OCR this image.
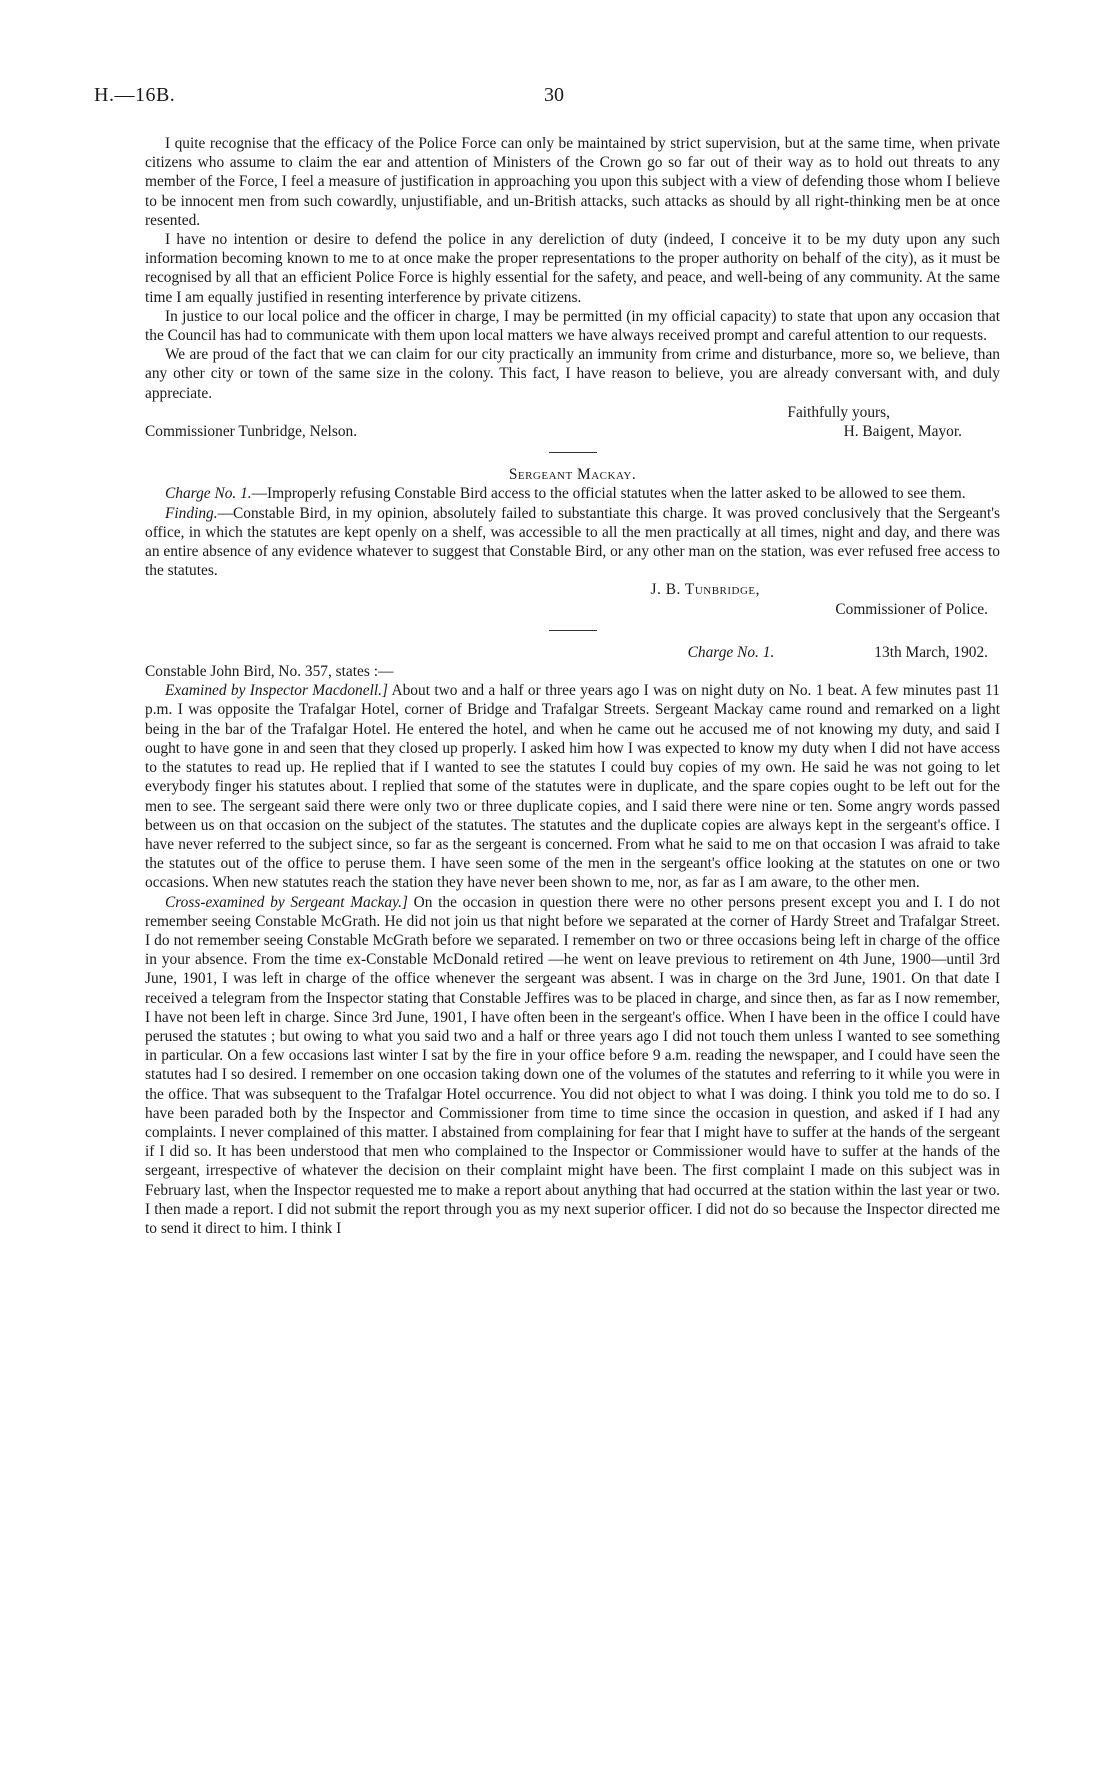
H.—16B.	30

I quite recognise that the efficacy of the Police Force can only be maintained by strict supervision, but at the same time, when private citizens who assume to claim the ear and attention of Ministers of the Crown go so far out of their way as to hold out threats to any member of the Force, I feel a measure of justification in approaching you upon this subject with a view of defending those whom I believe to be innocent men from such cowardly, unjustifiable, and un-British attacks, such attacks as should by all right-thinking men be at once resented.

I have no intention or desire to defend the police in any dereliction of duty (indeed, I conceive it to be my duty upon any such information becoming known to me to at once make the proper representations to the proper authority on behalf of the city), as it must be recognised by all that an efficient Police Force is highly essential for the safety, and peace, and well-being of any community. At the same time I am equally justified in resenting interference by private citizens.

In justice to our local police and the officer in charge, I may be permitted (in my official capacity) to state that upon any occasion that the Council has had to communicate with them upon local matters we have always received prompt and careful attention to our requests.

We are proud of the fact that we can claim for our city practically an immunity from crime and disturbance, more so, we believe, than any other city or town of the same size in the colony. This fact, I have reason to believe, you are already conversant with, and duly appreciate.

Faithfully yours,
Commissioner Tunbridge, Nelson.	H. Baigent, Mayor.
Sergeant Mackay.

Charge No. 1.—Improperly refusing Constable Bird access to the official statutes when the latter asked to be allowed to see them.

Finding.—Constable Bird, in my opinion, absolutely failed to substantiate this charge. It was proved conclusively that the Sergeant's office, in which the statutes are kept openly on a shelf, was accessible to all the men practically at all times, night and day, and there was an entire absence of any evidence whatever to suggest that Constable Bird, or any other man on the station, was ever refused free access to the statutes.

J. B. Tunbridge,
Commissioner of Police.
Charge No. 1.	13th March, 1902.
Constable John Bird, No. 357, states :—

Examined by Inspector Macdonell.] About two and a half or three years ago I was on night duty on No. 1 beat. A few minutes past 11 p.m. I was opposite the Trafalgar Hotel, corner of Bridge and Trafalgar Streets. Sergeant Mackay came round and remarked on a light being in the bar of the Trafalgar Hotel. He entered the hotel, and when he came out he accused me of not knowing my duty, and said I ought to have gone in and seen that they closed up properly. I asked him how I was expected to know my duty when I did not have access to the statutes to read up. He replied that if I wanted to see the statutes I could buy copies of my own. He said he was not going to let everybody finger his statutes about. I replied that some of the statutes were in duplicate, and the spare copies ought to be left out for the men to see. The sergeant said there were only two or three duplicate copies, and I said there were nine or ten. Some angry words passed between us on that occasion on the subject of the statutes. The statutes and the duplicate copies are always kept in the sergeant's office. I have never referred to the subject since, so far as the sergeant is concerned. From what he said to me on that occasion I was afraid to take the statutes out of the office to peruse them. I have seen some of the men in the sergeant's office looking at the statutes on one or two occasions. When new statutes reach the station they have never been shown to me, nor, as far as I am aware, to the other men.

Cross-examined by Sergeant Mackay.] On the occasion in question there were no other persons present except you and I. I do not remember seeing Constable McGrath. He did not join us that night before we separated at the corner of Hardy Street and Trafalgar Street. I do not remember seeing Constable McGrath before we separated. I remember on two or three occasions being left in charge of the office in your absence. From the time ex-Constable McDonald retired —he went on leave previous to retirement on 4th June, 1900—until 3rd June, 1901, I was left in charge of the office whenever the sergeant was absent. I was in charge on the 3rd June, 1901. On that date I received a telegram from the Inspector stating that Constable Jeffires was to be placed in charge, and since then, as far as I now remember, I have not been left in charge. Since 3rd June, 1901, I have often been in the sergeant's office. When I have been in the office I could have perused the statutes ; but owing to what you said two and a half or three years ago I did not touch them unless I wanted to see something in particular. On a few occasions last winter I sat by the fire in your office before 9 a.m. reading the newspaper, and I could have seen the statutes had I so desired. I remember on one occasion taking down one of the volumes of the statutes and referring to it while you were in the office. That was subsequent to the Trafalgar Hotel occurrence. You did not object to what I was doing. I think you told me to do so. I have been paraded both by the Inspector and Commissioner from time to time since the occasion in question, and asked if I had any complaints. I never complained of this matter. I abstained from complaining for fear that I might have to suffer at the hands of the sergeant if I did so. It has been understood that men who complained to the Inspector or Commissioner would have to suffer at the hands of the sergeant, irrespective of whatever the decision on their complaint might have been. The first complaint I made on this subject was in February last, when the Inspector requested me to make a report about anything that had occurred at the station within the last year or two. I then made a report. I did not submit the report through you as my next superior officer. I did not do so because the Inspector directed me to send it direct to him. I think I
